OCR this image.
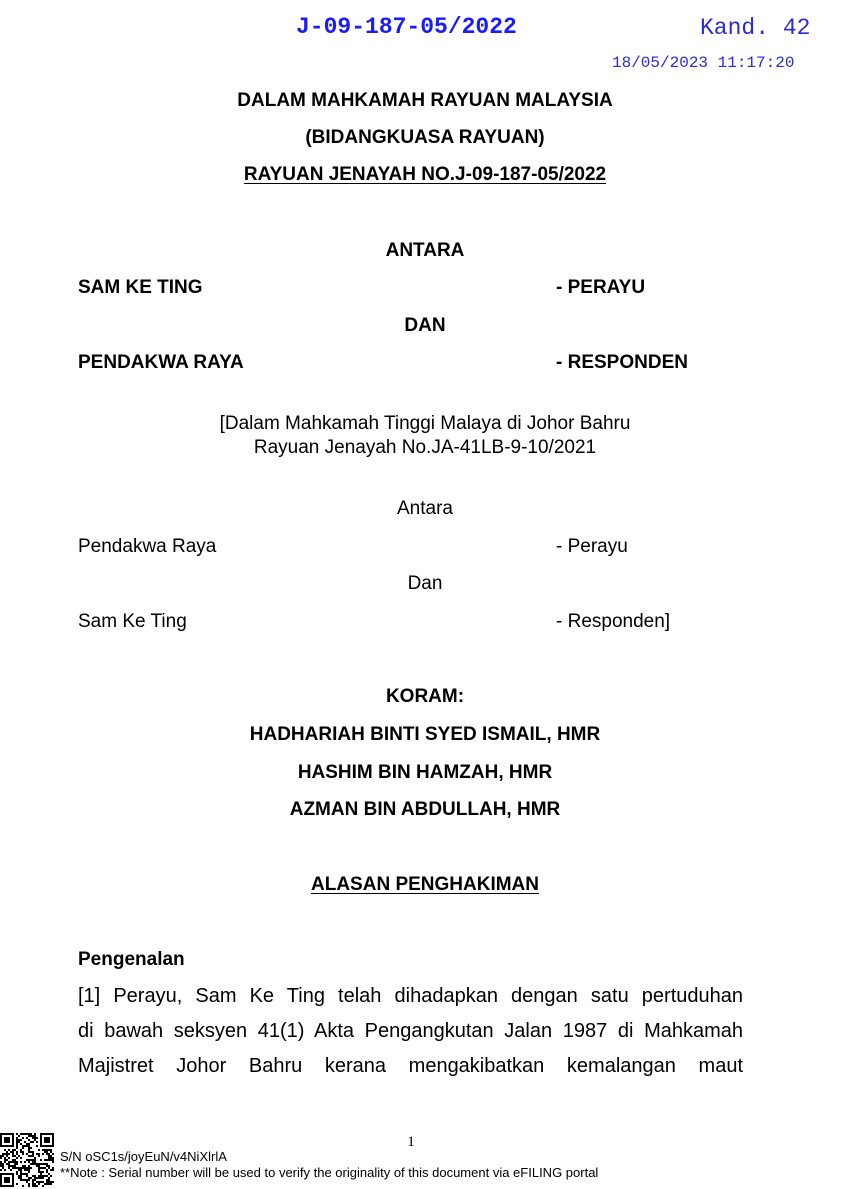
J-09-187-05/2022	Kand. 42
18/05/2023 11:17:20
DALAM MAHKAMAH RAYUAN MALAYSIA
(BIDANGKUASA RAYUAN)
RAYUAN JENAYAH NO.J-09-187-05/2022
ANTARA
SAM KE TING	- PERAYU
DAN
PENDAKWA RAYA	- RESPONDEN
[Dalam Mahkamah Tinggi Malaya di Johor Bahru
Rayuan Jenayah No.JA-41LB-9-10/2021
Antara
Pendakwa Raya	- Perayu
Dan
Sam Ke Ting	- Responden]
KORAM:
HADHARIAH BINTI SYED ISMAIL, HMR
HASHIM BIN HAMZAH, HMR
AZMAN BIN ABDULLAH, HMR
ALASAN PENGHAKIMAN
Pengenalan
[1] Perayu, Sam Ke Ting telah dihadapkan dengan satu pertuduhan
di bawah seksyen 41(1) Akta Pengangkutan Jalan 1987 di Mahkamah
Majistret Johor Bahru kerana mengakibatkan kemalangan maut
1
S/N oSC1s/joyEuN/v4NiXlrlA
**Note : Serial number will be used to verify the originality of this document via eFILING portal
